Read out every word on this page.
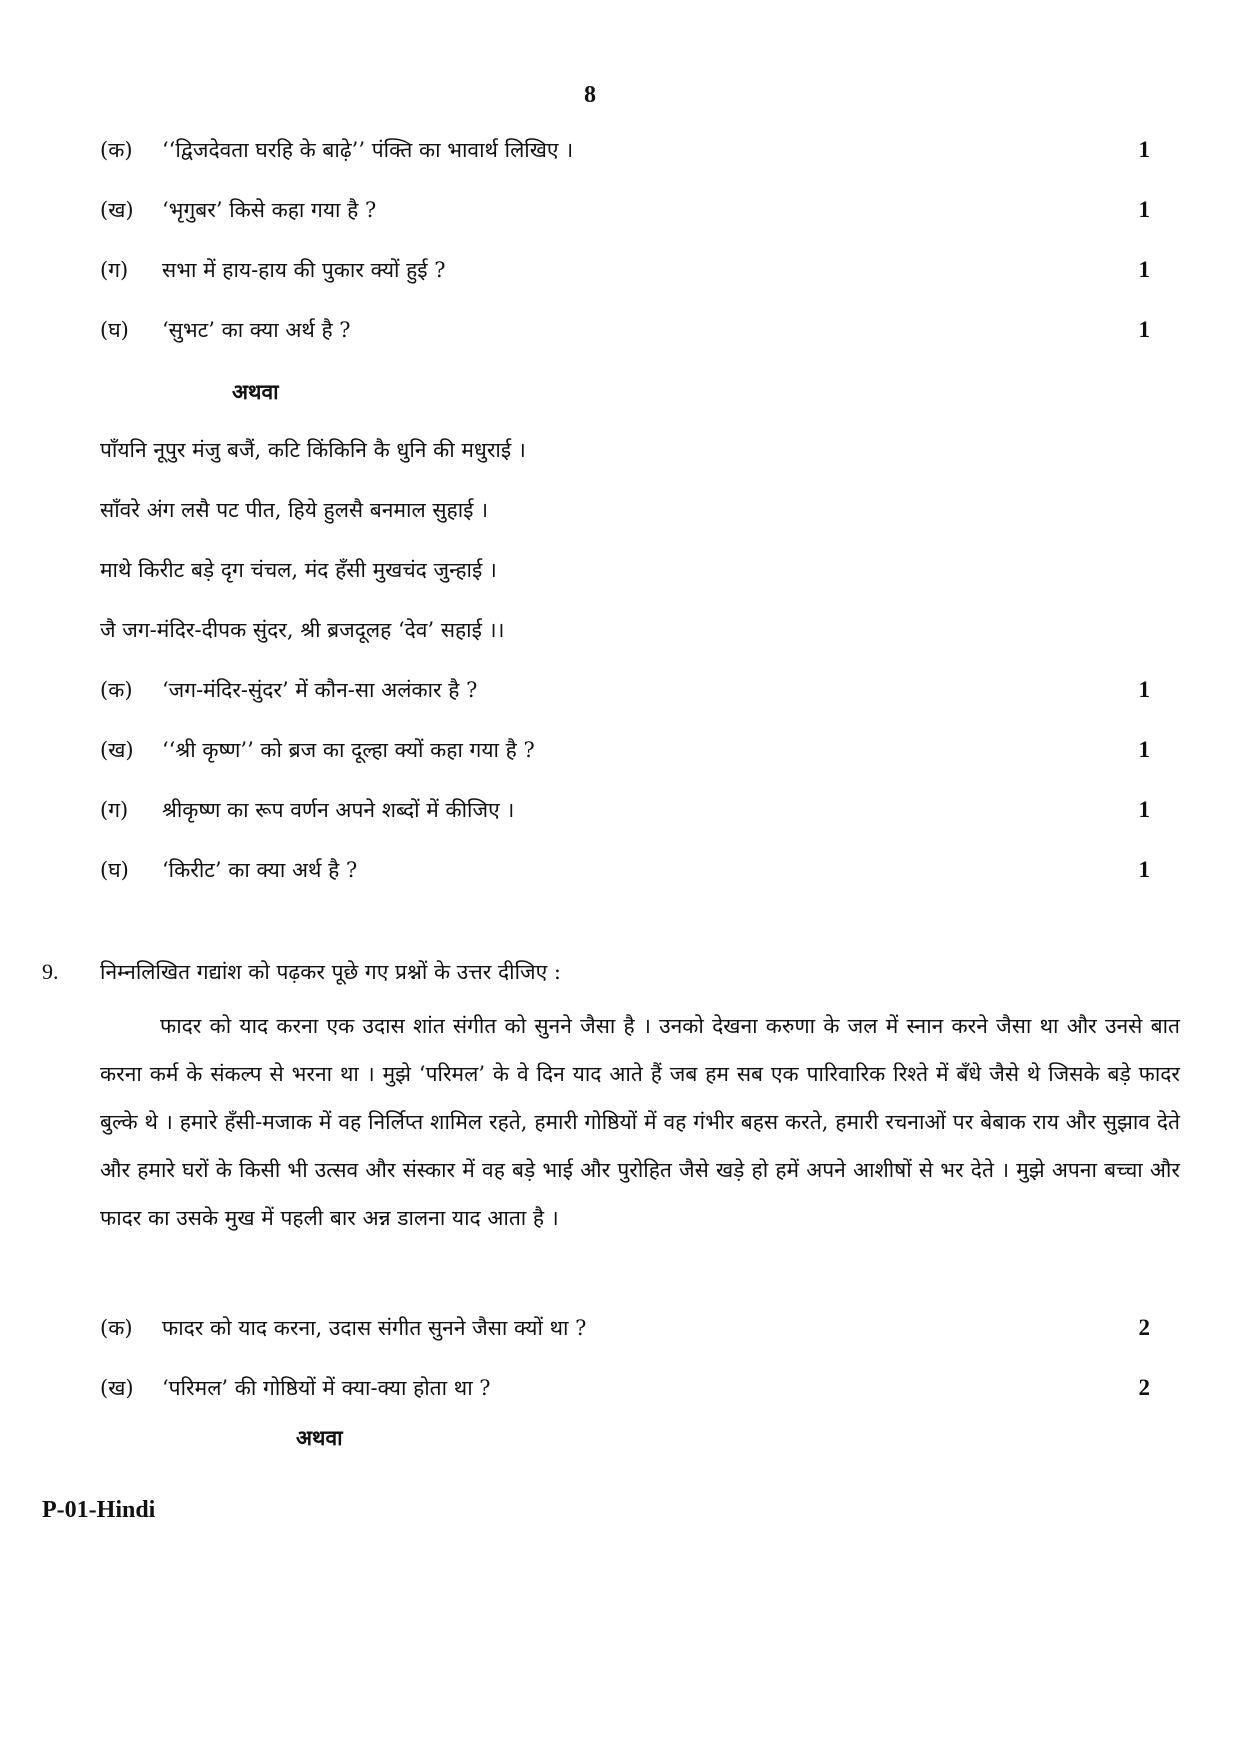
8
(क) ‘‘द्विजदेवता घरहि के बाढ़े’’ पंक्ति का भावार्थ लिखिए ।	1
(ख) ‘भृगुबर’ किसे कहा गया है ?	1
(ग) सभा में हाय-हाय की पुकार क्यों हुई ?	1
(घ) ‘सुभट’ का क्या अर्थ है ?	1
अथवा
पाँयनि नूपुर मंजु बजैं, कटि किंकिनि कै धुनि की मधुराई ।
साँवरे अंग लसै पट पीत, हिये हुलसै बनमाल सुहाई ।
माथे किरीट बड़े दृग चंचल, मंद हँसी मुखचंद जुन्हाई ।
जै जग-मंदिर-दीपक सुंदर, श्री ब्रजदूलह ‘देव’ सहाई ।।
(क) ‘जग-मंदिर-सुंदर’ में कौन-सा अलंकार है ?	1
(ख) ‘‘श्री कृष्ण’’ को ब्रज का दूल्हा क्यों कहा गया है ?	1
(ग) श्रीकृष्ण का रूप वर्णन अपने शब्दों में कीजिए ।	1
(घ) ‘किरीट’ का क्या अर्थ है ?	1
9. निम्नलिखित गद्यांश को पढ़कर पूछे गए प्रश्नों के उत्तर दीजिए :

फादर को याद करना एक उदास शांत संगीत को सुनने जैसा है । उनको देखना करुणा के जल में स्नान करने जैसा था और उनसे बात करना कर्म के संकल्प से भरना था । मुझे ‘परिमल’ के वे दिन याद आते हैं जब हम सब एक पारिवारिक रिश्ते में बँधे जैसे थे जिसके बड़े फादर बुल्के थे । हमारे हँसी-मजाक में वह निर्लिप्त शामिल रहते, हमारी गोष्ठियों में वह गंभीर बहस करते, हमारी रचनाओं पर बेबाक राय और सुझाव देते और हमारे घरों के किसी भी उत्सव और संस्कार में वह बड़े भाई और पुरोहित जैसे खड़े हो हमें अपने आशीषों से भर देते । मुझे अपना बच्चा और फादर का उसके मुख में पहली बार अन्न डालना याद आता है ।

(क) फादर को याद करना, उदास संगीत सुनने जैसा क्यों था ?	2
(ख) ‘परिमल’ की गोष्ठियों में क्या-क्या होता था ?	2
अथवा
P-01-Hindi
